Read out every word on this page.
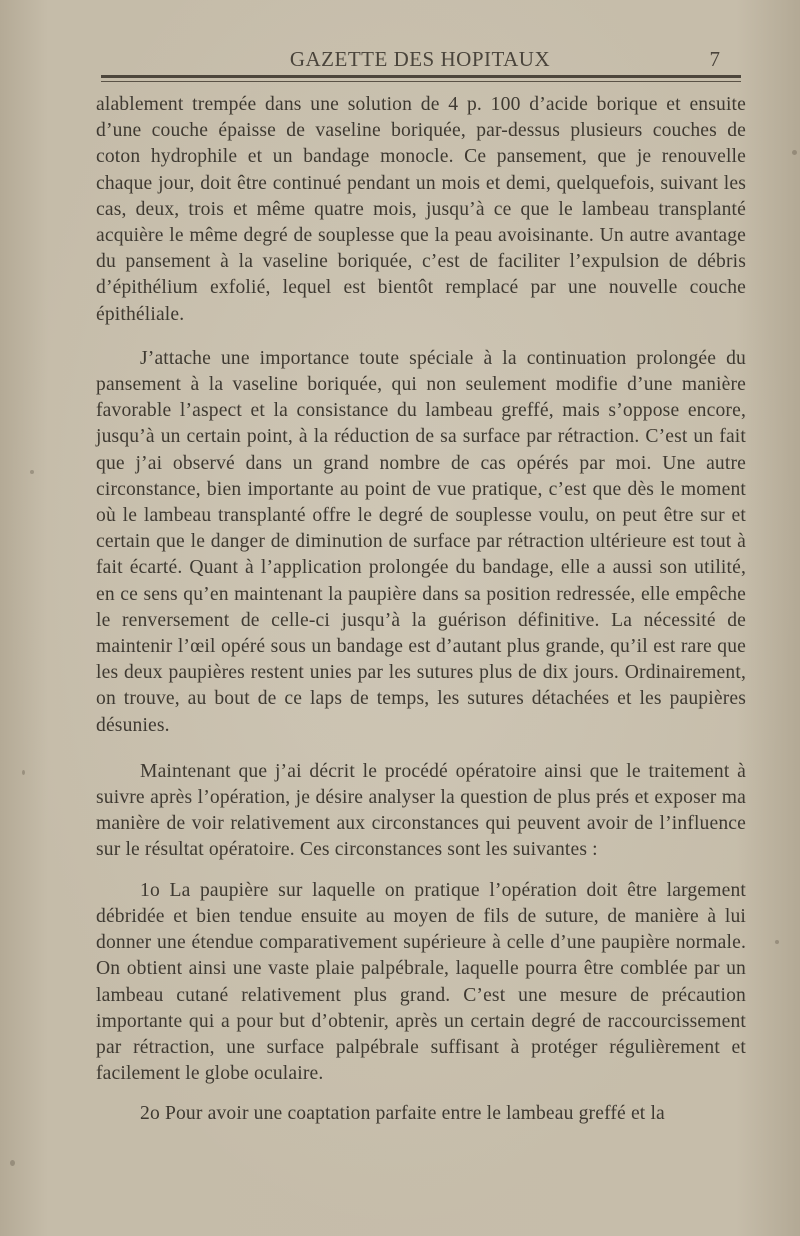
GAZETTE DES HOPITAUX	7

alablement trempée dans une solution de 4 p. 100 d’acide borique et ensuite d’une couche épaisse de vaseline boriquée, par-dessus plusieurs couches de coton hydrophile et un bandage monocle. Ce pansement, que je renouvelle chaque jour, doit être continué pendant un mois et demi, quelquefois, suivant les cas, deux, trois et même quatre mois, jusqu’à ce que le lambeau transplanté acquière le même degré de souplesse que la peau avoisinante. Un autre avantage du pansement à la vaseline boriquée, c’est de faciliter l’expulsion de débris d’épithélium exfolié, lequel est bientôt remplacé par une nouvelle couche épithéliale.

J’attache une importance toute spéciale à la continuation prolongée du pansement à la vaseline boriquée, qui non seulement modifie d’une manière favorable l’aspect et la consistance du lambeau greffé, mais s’oppose encore, jusqu’à un certain point, à la réduction de sa surface par rétraction. C’est un fait que j’ai observé dans un grand nombre de cas opérés par moi. Une autre circonstance, bien importante au point de vue pratique, c’est que dès le moment où le lambeau transplanté offre le degré de souplesse voulu, on peut être sur et certain que le danger de diminution de surface par rétraction ultérieure est tout à fait écarté. Quant à l’application prolongée du bandage, elle a aussi son utilité, en ce sens qu’en maintenant la paupière dans sa position redressée, elle empêche le renversement de celle-ci jusqu’à la guérison définitive. La nécessité de maintenir l’œil opéré sous un bandage est d’autant plus grande, qu’il est rare que les deux paupières restent unies par les sutures plus de dix jours. Ordinairement, on trouve, au bout de ce laps de temps, les sutures détachées et les paupières désunies.

Maintenant que j’ai décrit le procédé opératoire ainsi que le traitement à suivre après l’opération, je désire analyser la question de plus prés et exposer ma manière de voir relativement aux circonstances qui peuvent avoir de l’influence sur le résultat opératoire. Ces circonstances sont les suivantes :

1o La paupière sur laquelle on pratique l’opération doit être largement débridée et bien tendue ensuite au moyen de fils de suture, de manière à lui donner une étendue comparativement supérieure à celle d’une paupière normale. On obtient ainsi une vaste plaie palpébrale, laquelle pourra être comblée par un lambeau cutané relativement plus grand. C’est une mesure de précaution importante qui a pour but d’obtenir, après un certain degré de raccourcissement par rétraction, une surface palpébrale suffisant à protéger régulièrement et facilement le globe oculaire.

2o Pour avoir une coaptation parfaite entre le lambeau greffé et la
